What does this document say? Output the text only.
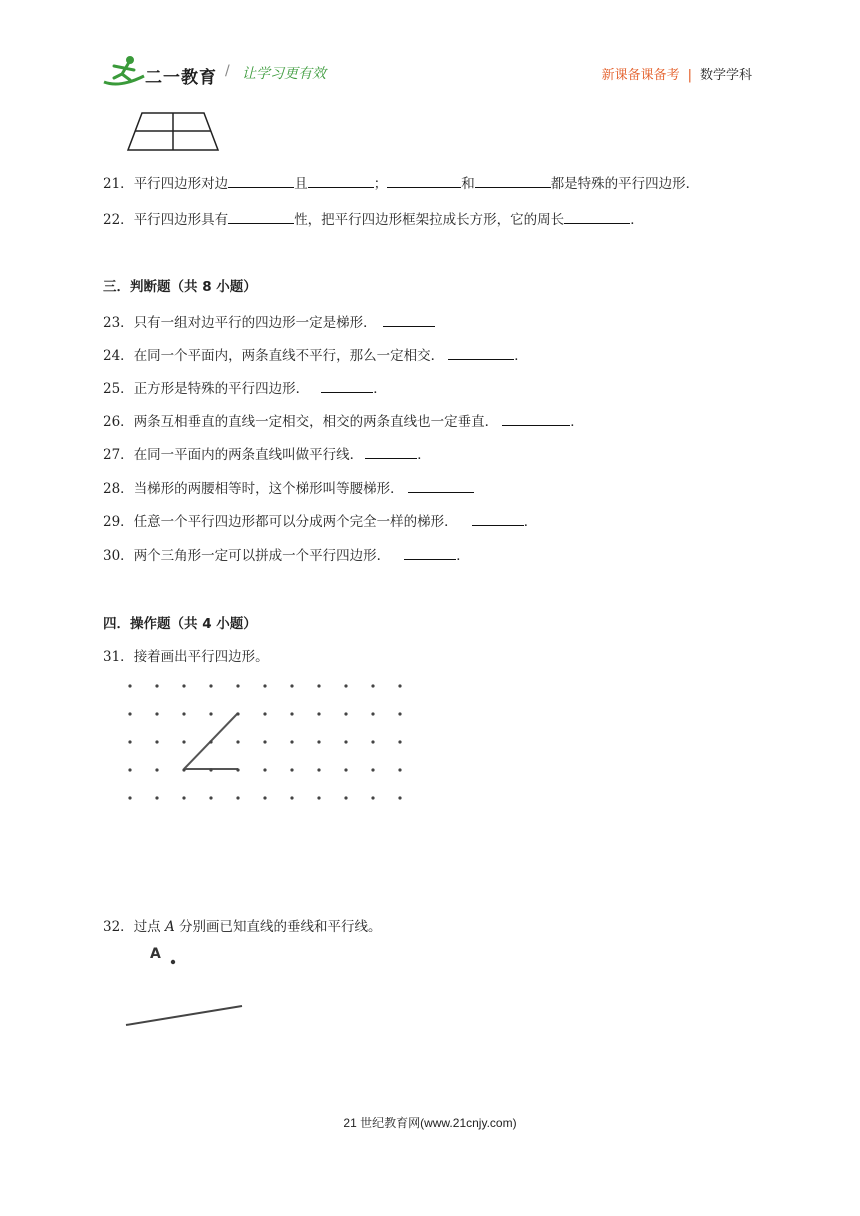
二一教育 / 让学习更有效	新课备课备考 | 数学学科
21．平行四边形对边	且	；	和	都是特殊的平行四边形．
22．平行四边形具有	性，把平行四边形框架拉成长方形，它的周长	．
三．判断题（共 8 小题）
23．只有一组对边平行的四边形一定是梯形．
24．在同一个平面内，两条直线不平行，那么一定相交．	．
25．正方形是特殊的平行四边形．	．
26．两条互相垂直的直线一定相交，相交的两条直线也一定垂直．	．
27．在同一平面内的两条直线叫做平行线．	．
28．当梯形的两腰相等时，这个梯形叫等腰梯形．
29．任意一个平行四边形都可以分成两个完全一样的梯形．	．
30．两个三角形一定可以拼成一个平行四边形．	．
四．操作题（共 4 小题）
31．接着画出平行四边形。
32．过点 A 分别画已知直线的垂线和平行线。
A
21 世纪教育网(www.21cnjy.com)
